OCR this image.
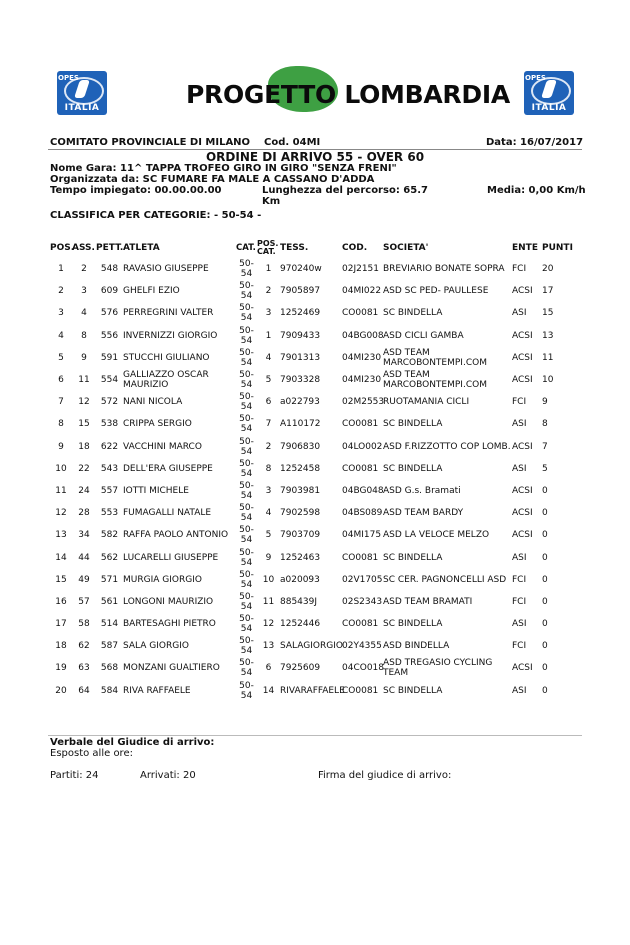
OPES
ITALIA
OPES
ITALIA
PROGETTO LOMBARDIA
COMITATO PROVINCIALE DI MILANO Cod. 04MI	Data: 16/07/2017
ORDINE DI ARRIVO 55 - OVER 60
Nome Gara: 11^ TAPPA TROFEO GIRO IN GIRO "SENZA FRENI"
Organizzata da: SC FUMARE FA MALE A CASSANO D'ADDA
Tempo impiegato: 00.00.00.00	Lunghezza del percorso: 65.7
Km
Media: 0,00 Km/h
CLASSIFICA PER CATEGORIE: - 50-54 -
POS.	ASS.	PETT.	ATLETA	CAT.	POS. CAT.	TESS.	COD.	SOCIETA'	ENTE	PUNTI
1	2	548	RAVASIO GIUSEPPE	50- 54	1	970240w	02J2151	BREVIARIO BONATE SOPRA	FCI	20
2	3	609	GHELFI EZIO	50- 54	2	7905897	04MI022	ASD SC PED- PAULLESE	ACSI	17
3	4	576	PERREGRINI VALTER	50- 54	3	1252469	CO0081	SC BINDELLA	ASI	15
4	8	556	INVERNIZZI GIORGIO	50- 54	1	7909433	04BG008	ASD CICLI GAMBA	ACSI	13
5	9	591	STUCCHI GIULIANO	50- 54	4	7901313	04MI230	ASD TEAM MARCOBONTEMPI.COM	ACSI	11
6	11	554	GALLIAZZO OSCAR MAURIZIO	50- 54	5	7903328	04MI230	ASD TEAM MARCOBONTEMPI.COM	ACSI	10
7	12	572	NANI NICOLA	50- 54	6	a022793	02M2553	RUOTAMANIA CICLI	FCI	9
8	15	538	CRIPPA SERGIO	50- 54	7	A110172	CO0081	SC BINDELLA	ASI	8
9	18	622	VACCHINI MARCO	50- 54	2	7906830	04LO002	ASD F.RIZZOTTO COP LOMB.	ACSI	7
10	22	543	DELL'ERA GIUSEPPE	50- 54	8	1252458	CO0081	SC BINDELLA	ASI	5
11	24	557	IOTTI MICHELE	50- 54	3	7903981	04BG048	ASD G.s. Bramati	ACSI	0
12	28	553	FUMAGALLI NATALE	50- 54	4	7902598	04BS089	ASD TEAM BARDY	ACSI	0
13	34	582	RAFFA PAOLO ANTONIO	50- 54	5	7903709	04MI175	ASD LA VELOCE MELZO	ACSI	0
14	44	562	LUCARELLI GIUSEPPE	50- 54	9	1252463	CO0081	SC BINDELLA	ASI	0
15	49	571	MURGIA GIORGIO	50- 54	10	a020093	02V1705	SC CER. PAGNONCELLI ASD	FCI	0
16	57	561	LONGONI MAURIZIO	50- 54	11	885439J	02S2343	ASD TEAM BRAMATI	FCI	0
17	58	514	BARTESAGHI PIETRO	50- 54	12	1252446	CO0081	SC BINDELLA	ASI	0
18	62	587	SALA GIORGIO	50- 54	13	SALAGIORGIO	02Y4355	ASD BINDELLA	FCI	0
19	63	568	MONZANI GUALTIERO	50- 54	6	7925609	04CO018	ASD TREGASIO CYCLING TEAM	ACSI	0
20	64	584	RIVA RAFFAELE	50- 54	14	RIVARAFFAELE	CO0081	SC BINDELLA	ASI	0
Verbale del Giudice di arrivo:
Esposto alle ore:
Partiti: 24	Arrivati: 20	Firma del giudice di arrivo:
